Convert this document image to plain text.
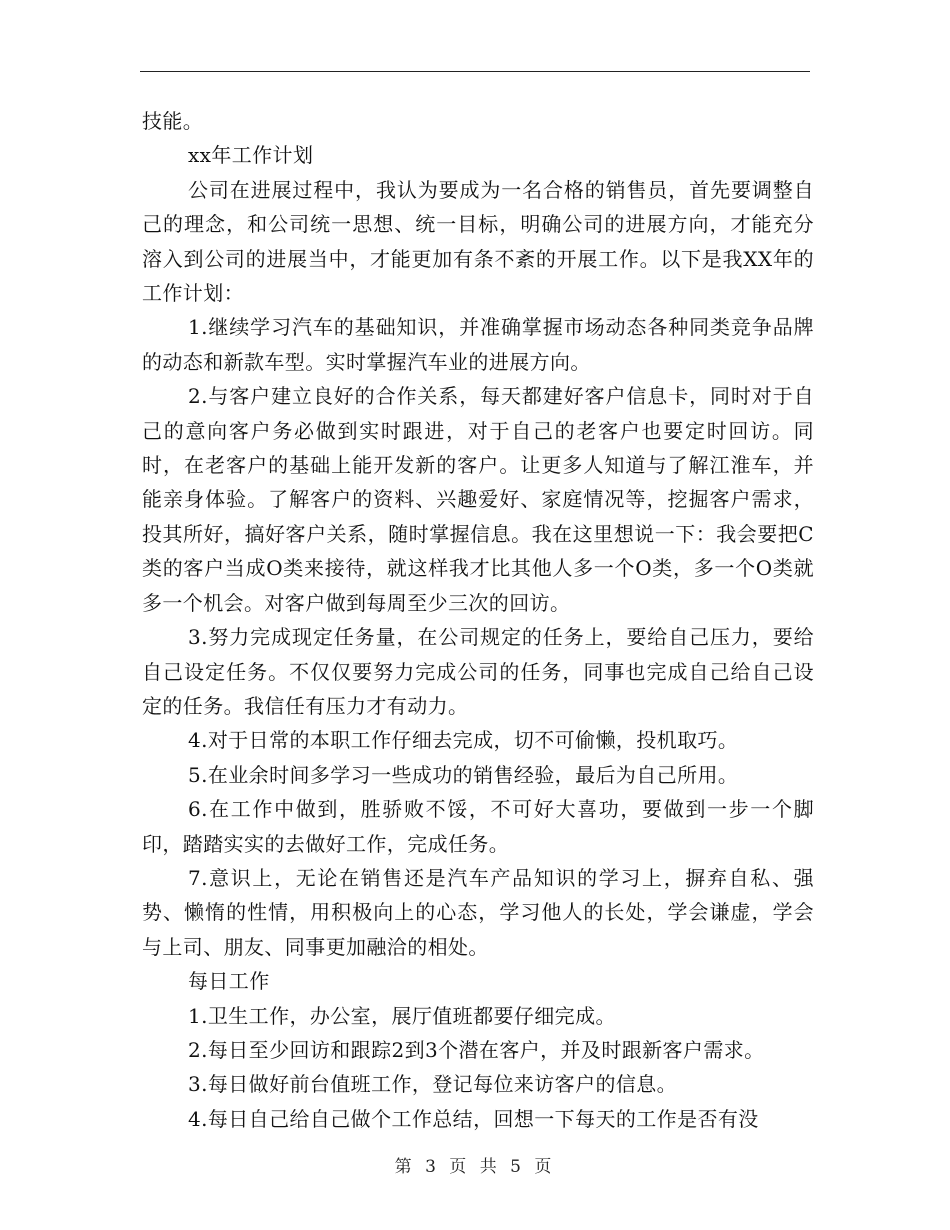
技能。

xx年工作计划

公司在进展过程中，我认为要成为一名合格的销售员，首先要调整自己的理念，和公司统一思想、统一目标，明确公司的进展方向，才能充分溶入到公司的进展当中，才能更加有条不紊的开展工作。以下是我XX年的工作计划：

1.继续学习汽车的基础知识，并准确掌握市场动态各种同类竞争品牌的动态和新款车型。实时掌握汽车业的进展方向。

2.与客户建立良好的合作关系，每天都建好客户信息卡，同时对于自己的意向客户务必做到实时跟进，对于自己的老客户也要定时回访。同时，在老客户的基础上能开发新的客户。让更多人知道与了解江淮车，并能亲身体验。了解客户的资料、兴趣爱好、家庭情况等，挖掘客户需求，投其所好，搞好客户关系，随时掌握信息。我在这里想说一下：我会要把C类的客户当成O类来接待，就这样我才比其他人多一个O类，多一个O类就多一个机会。对客户做到每周至少三次的回访。

3.努力完成现定任务量，在公司规定的任务上，要给自己压力，要给自己设定任务。不仅仅要努力完成公司的任务，同事也完成自己给自己设定的任务。我信任有压力才有动力。

4.对于日常的本职工作仔细去完成，切不可偷懒，投机取巧。

5.在业余时间多学习一些成功的销售经验，最后为自己所用。

6.在工作中做到，胜骄败不馁，不可好大喜功，要做到一步一个脚印，踏踏实实的去做好工作，完成任务。

7.意识上，无论在销售还是汽车产品知识的学习上，摒弃自私、强势、懒惰的性情，用积极向上的心态，学习他人的长处，学会谦虚，学会与上司、朋友、同事更加融洽的相处。

每日工作

1.卫生工作，办公室，展厅值班都要仔细完成。

2.每日至少回访和跟踪2到3个潜在客户，并及时跟新客户需求。

3.每日做好前台值班工作，登记每位来访客户的信息。

4.每日自己给自己做个工作总结，回想一下每天的工作是否有没

第 3 页 共 5 页
